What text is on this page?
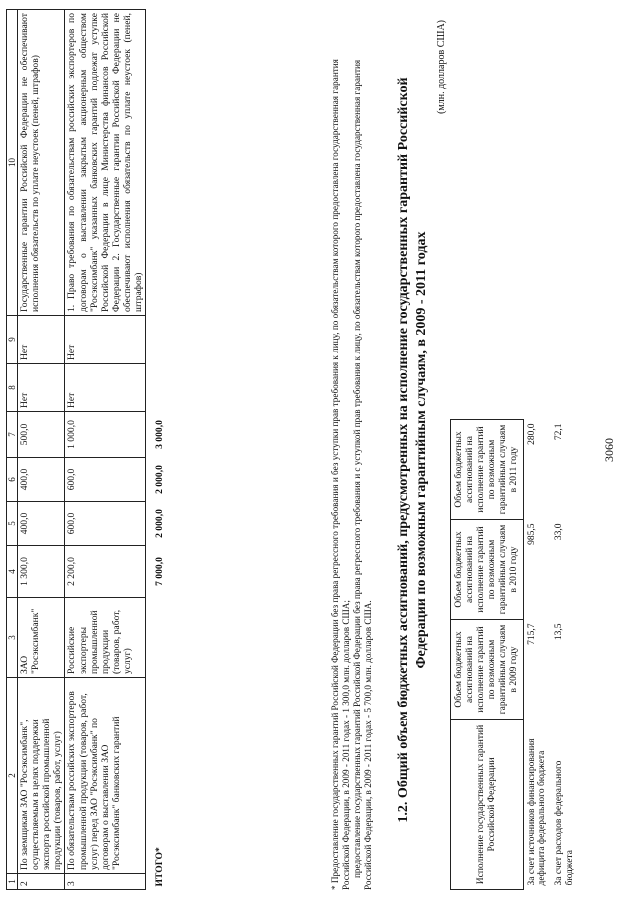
1	2	3	4	5	6	7	8	9	10
2	По заемщикам ЗАО "Росэксимбанк", осуществляемым в целях поддержки экспорта российской промышленной продукции (товаров, работ, услуг)	ЗАО "Росэксимбанк"	1 300,0	400,0	400,0	500,0	Нет	Нет	Государственные гарантии Российской Федерации не обеспечивают исполнения обязательств по уплате неустоек (пеней, штрафов)
3	По обязательствам российских экспортеров промышленной продукции (товаров, работ, услуг) перед ЗАО "Росэксимбанк" по договорам о выставлении ЗАО "Росэксимбанк" банковских гарантий	Российские экспортеры промышленной продукции (товаров, работ, услуг)	2 200,0	600,0	600,0	1 000,0	Нет	Нет	1. Право требования по обязательствам российских экспортеров по договорам о выставлении закрытым акционерным обществом "Росэксимбанк" указанных банковских гарантий подлежат уступке Российской Федерации в лице Министерства финансов Российской Федерации 2. Государственные гарантии Российской Федерации не обеспечивают исполнения обязательств по уплате неустоек (пеней, штрафов)
ИТОГО*			7 000,0	2 000,0	2 000,0	3 000,0				* Предоставление государственных гарантий Российской Федерации без права регрессного требования и без уступки прав требования к лицу, по обязательствам которого предоставлена государственная гарантия Российской Федерации, в 2009 - 2011 годах - 1 300,0 млн. долларов США; предоставление государственных гарантий Российской Федерации без права регрессного требования и с уступкой прав требования к лицу, по обязательствам которого предоставлена государственная гарантия Российской Федерации, в 2009 - 2011 годах - 5 700,0 млн. долларов США. 1.2. Общий объем бюджетных ассигнований, предусмотренных на исполнение государственных гарантий Российской Федерации по возможным гарантийным случаям, в 2009 - 2011 годах
(млн. долларов США)
Исполнение государственных гарантий Российской Федерации	Объем бюджетных ассигнований на исполнение гарантий по возможным гарантийным случаям в 2009 году	Объем бюджетных ассигнований на исполнение гарантий по возможным гарантийным случаям в 2010 году	Объем бюджетных ассигнований на исполнение гарантий по возможным гарантийным случаям в 2011 году
За счет источников финансирования дефицита федерального бюджета	715,7	985,5	280,0
За счет расходов федерального бюджета	13,5	33,0	72,1
3060
